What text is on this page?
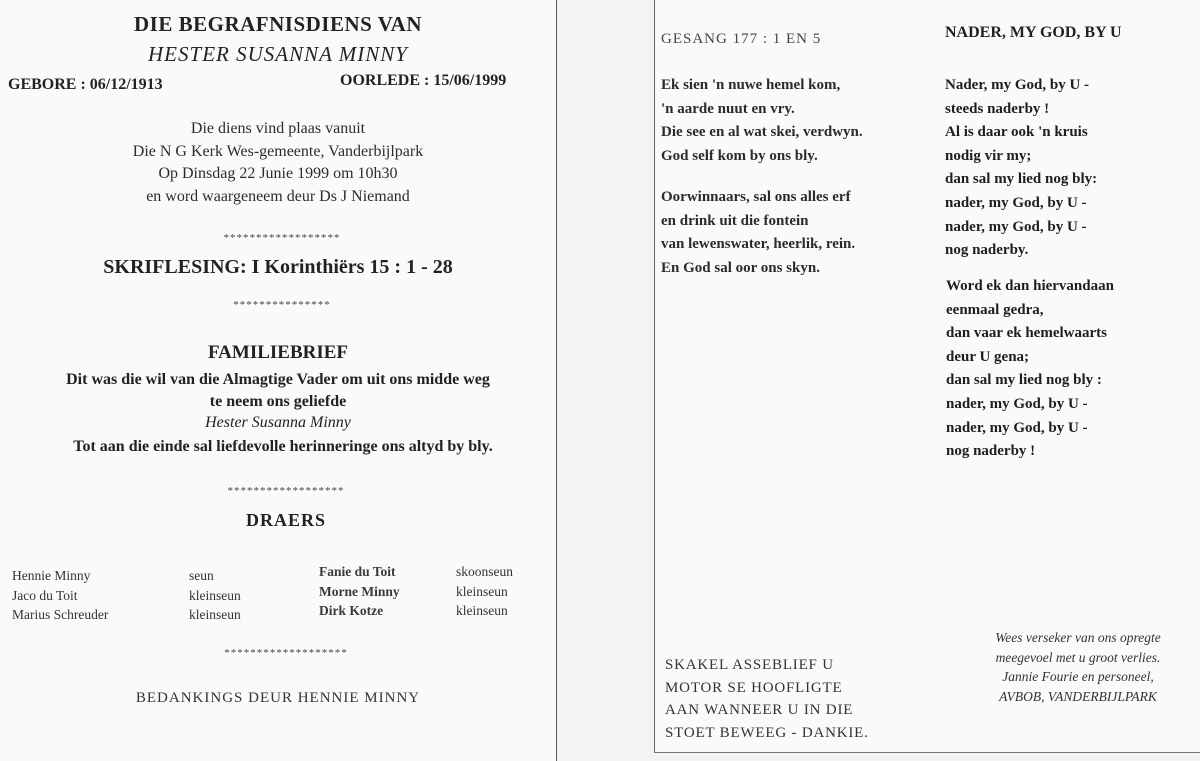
DIE BEGRAFNISDIENS VAN
HESTER SUSANNA MINNY
GEBORE : 06/12/1913	OORLEDE : 15/06/1999
Die diens vind plaas vanuit
Die N G Kerk Wes-gemeente, Vanderbijlpark
Op Dinsdag 22 Junie 1999 om 10h30
en word waargeneem deur Ds J Niemand
******************
SKRIFLESING: I Korinthiërs 15 : 1 - 28
***************
FAMILIEBRIEF
Dit was die wil van die Almagtige Vader om uit ons midde weg
te neem ons geliefde
Hester Susanna Minny
Tot aan die einde sal liefdevolle herinneringe ons altyd by bly.
******************
DRAERS
Hennie Minny
Jaco du Toit
Marius Schreuder
seun
kleinseun
kleinseun
Fanie du Toit
Morne Minny
Dirk Kotze
skoonseun
kleinseun
kleinseun
*******************
BEDANKINGS DEUR HENNIE MINNY
GESANG 177 : 1 EN 5	NADER, MY GOD, BY U
Ek sien 'n nuwe hemel kom,
'n aarde nuut en vry.
Die see en al wat skei, verdwyn.
God self kom by ons bly.
Oorwinnaars, sal ons alles erf
en drink uit die fontein
van lewenswater, heerlik, rein.
En God sal oor ons skyn.
Nader, my God, by U -
steeds naderby !
Al is daar ook 'n kruis
nodig vir my;
dan sal my lied nog bly:
nader, my God, by U -
nader, my God, by U -
nog naderby.
Word ek dan hiervandaan
eenmaal gedra,
dan vaar ek hemelwaarts
deur U gena;
dan sal my lied nog bly :
nader, my God, by U -
nader, my God, by U -
nog naderby !
SKAKEL ASSEBLIEF U
MOTOR SE HOOFLIGTE
AAN WANNEER U IN DIE
STOET BEWEEG - DANKIE.
Wees verseker van ons opregte
meegevoel met u groot verlies.
Jannie Fourie en personeel,
AVBOB, VANDERBIJLPARK
